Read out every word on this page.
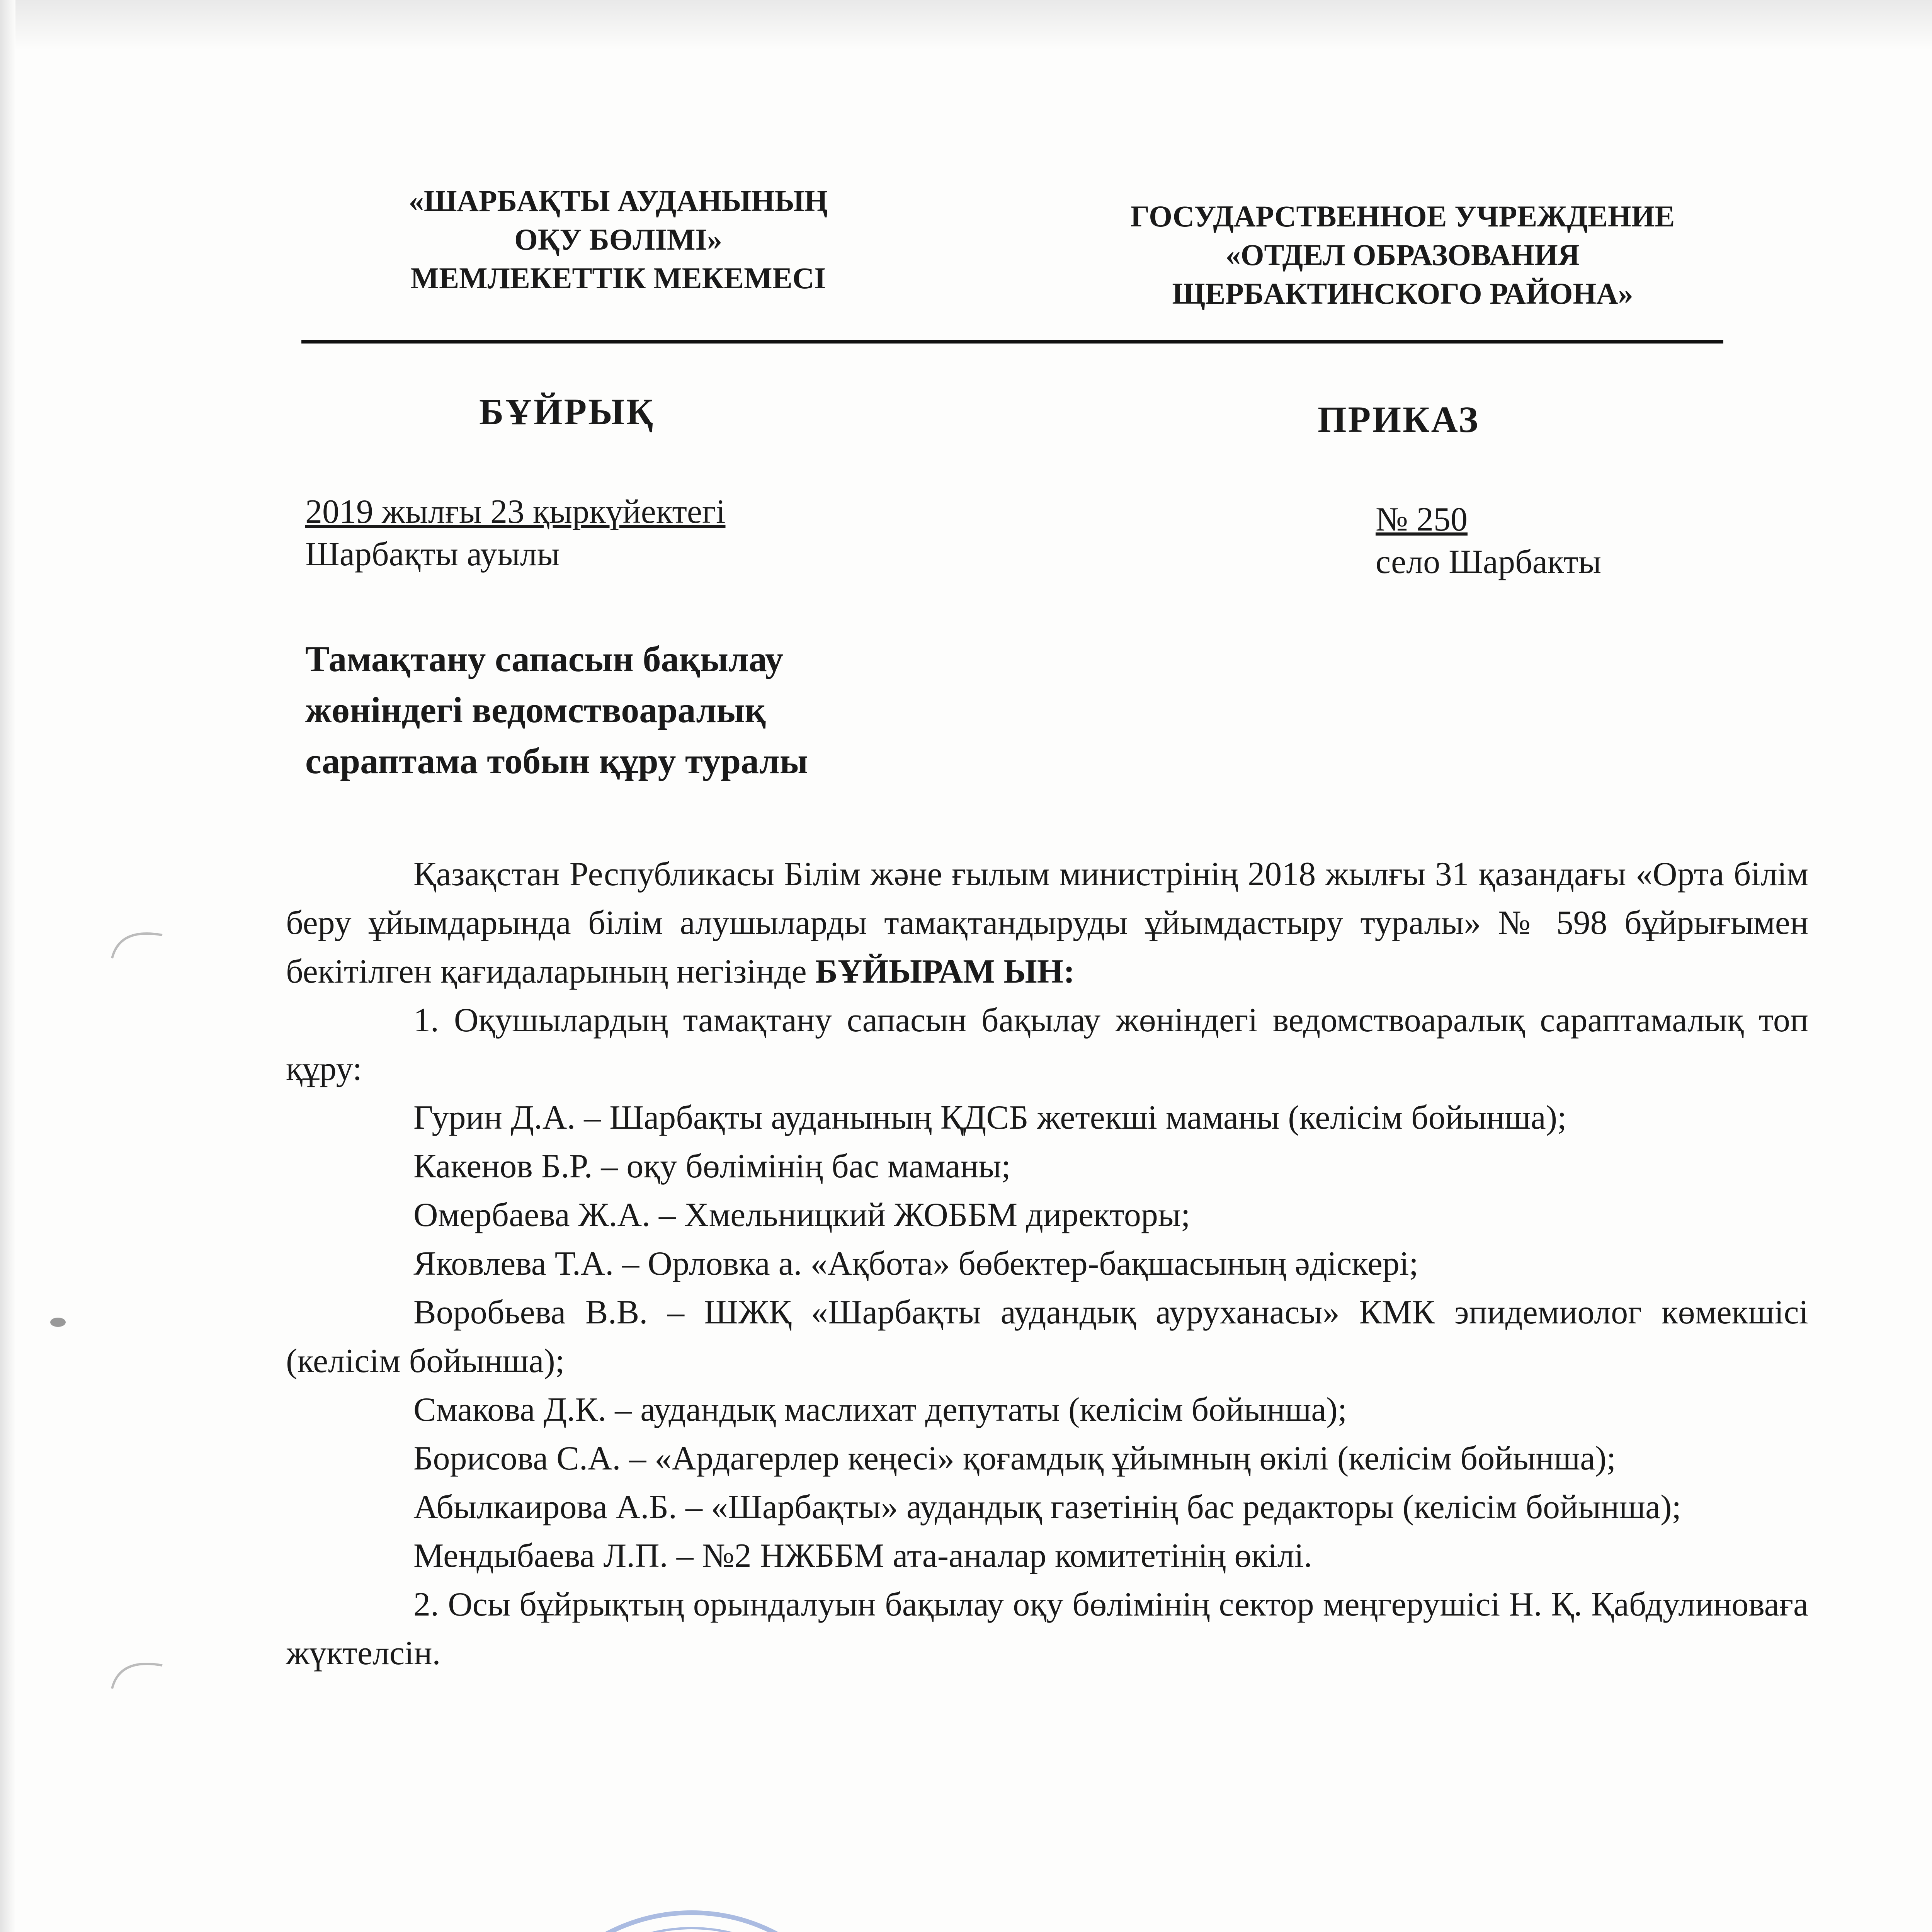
«ШАРБАҚТЫ АУДАНЫНЫҢ
ОҚУ БӨЛІМІ»
МЕМЛЕКЕТТІК МЕКЕМЕСІ
ГОСУДАРСТВЕННОЕ УЧРЕЖДЕНИЕ
«ОТДЕЛ ОБРАЗОВАНИЯ
ЩЕРБАКТИНСКОГО РАЙОНА»
БҰЙРЫҚ	ПРИКАЗ
2019 жылғы 23 қыркүйектегі
Шарбақты ауылы
№ 250
село Шарбакты
Тамақтану сапасын бақылау
жөніндегі ведомствоаралық
сараптама тобын құру туралы

Қазақстан Республикасы Білім және ғылым министрінің 2018 жылғы 31 қазандағы «Орта білім беру ұйымдарында білім алушыларды тамақтандыруды ұйымдастыру туралы» № 598 бұйрығымен бекітілген қағидаларының негізінде БҰЙЫРАМ ЫН:

1. Оқушылардың тамақтану сапасын бақылау жөніндегі ведомствоаралық сараптамалық топ құру:

Гурин Д.А. – Шарбақты ауданының ҚДСБ жетекші маманы (келісім бойынша);

Какенов Б.Р. – оқу бөлімінің бас маманы;

Омербаева Ж.А. – Хмельницкий ЖОББМ директоры;

Яковлева Т.А. – Орловка а. «Ақбота» бөбектер-бақшасының әдіскері;

Воробьева В.В. – ШЖҚ «Шарбақты аудандық ауруханасы» КМК эпидемиолог көмекшісі (келісім бойынша);

Смакова Д.К. – аудандық маслихат депутаты (келісім бойынша);

Борисова С.А. – «Ардагерлер кеңесі» қоғамдық ұйымның өкілі (келісім бойынша);

Абылкаирова А.Б. – «Шарбақты» аудандық газетінің бас редакторы (келісім бойынша);

Мендыбаева Л.П. – №2 НЖББМ ата-аналар комитетінің өкілі.

2. Осы бұйрықтың орындалуын бақылау оқу бөлімінің сектор меңгерушісі Н. Қ. Қабдулиноваға жүктелсін.
